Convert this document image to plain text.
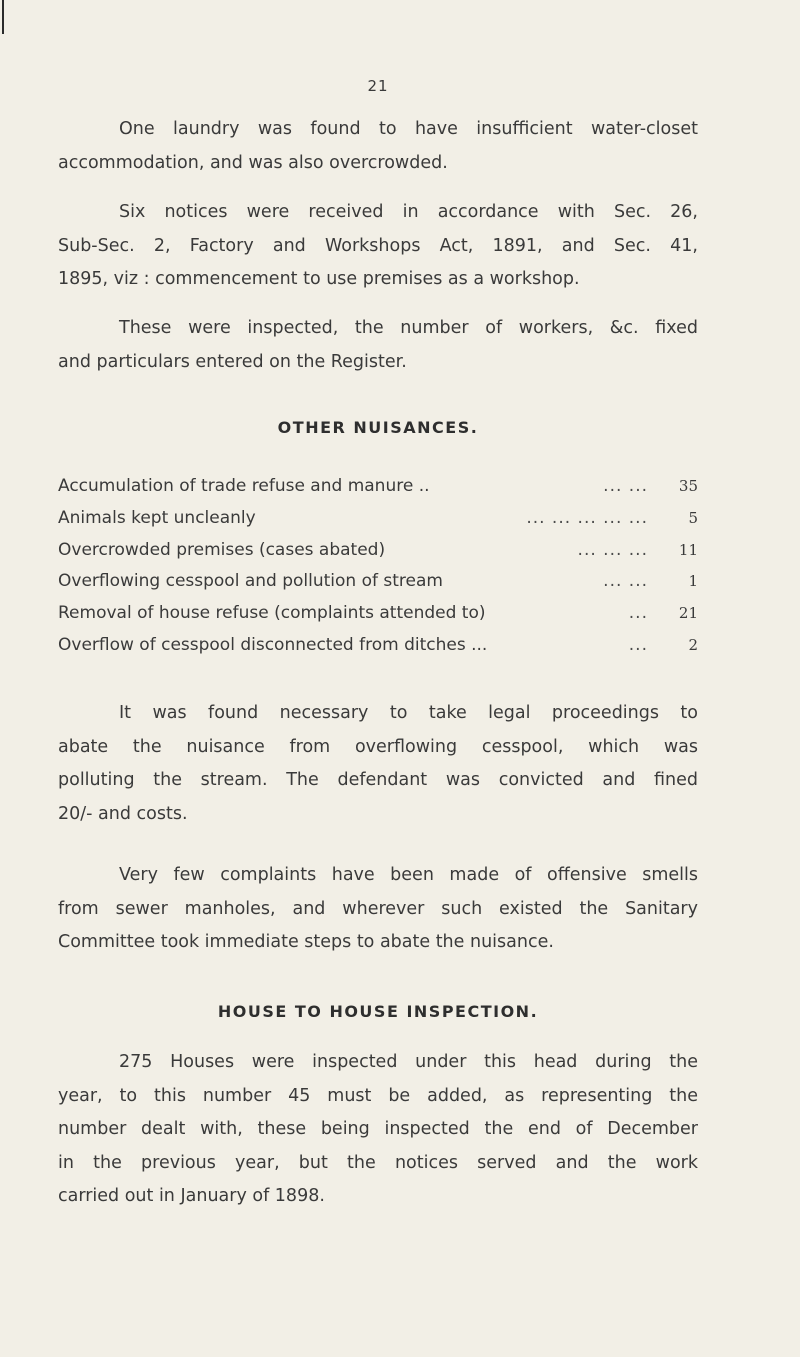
21

One laundry was found to have insufficient water-closet
accommodation, and was also overcrowded.

Six notices were received in accordance with Sec. 26,
Sub-Sec. 2, Factory and Workshops Act, 1891, and Sec. 41,
1895, viz : commencement to use premises as a workshop.

These were inspected, the number of workers, &c. fixed
and particulars entered on the Register.

OTHER NUISANCES.
Accumulation of trade refuse and manure ..	... ...	35
Animals kept uncleanly	... ... ... ... ...	5
Overcrowded premises (cases abated)	... ... ...	11
Overflowing cesspool and pollution of stream	... ...	1
Removal of house refuse (complaints attended to)	...	21
Overflow of cesspool disconnected from ditches ...	...	2

It was found necessary to take legal proceedings to
abate the nuisance from overflowing cesspool, which was
polluting the stream. The defendant was convicted and fined
20/- and costs.

Very few complaints have been made of offensive smells
from sewer manholes, and wherever such existed the Sanitary
Committee took immediate steps to abate the nuisance.

HOUSE TO HOUSE INSPECTION.

275 Houses were inspected under this head during the
year, to this number 45 must be added, as representing the
number dealt with, these being inspected the end of December
in the previous year, but the notices served and the work
carried out in January of 1898.
